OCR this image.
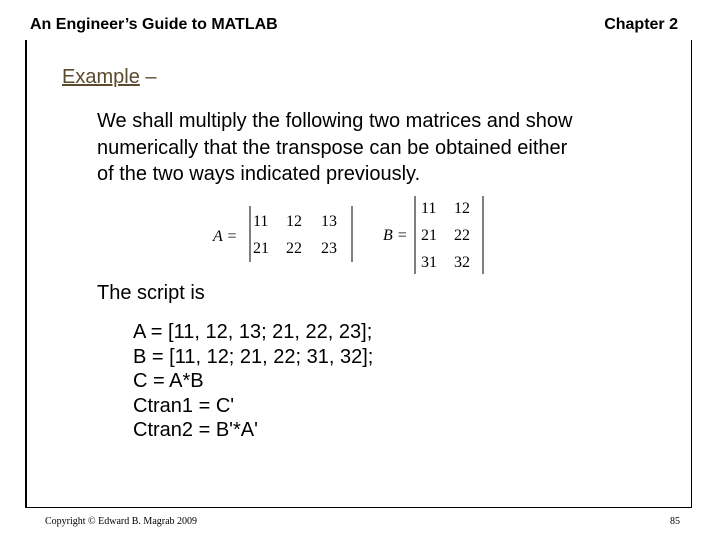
An Engineer’s Guide to MATLAB	Chapter 2
Example –
We shall multiply the following two matrices and show
numerically that the transpose can be obtained either
of the two ways indicated previously.
A =
11 12 13
21 22 23
B =
11 12
21 22
31 32
The script is
A = [11, 12, 13; 21, 22, 23];
B = [11, 12; 21, 22; 31, 32];
C = A*B
Ctran1 = C'
Ctran2 = B'*A'
Copyright © Edward B. Magrab 2009	85
